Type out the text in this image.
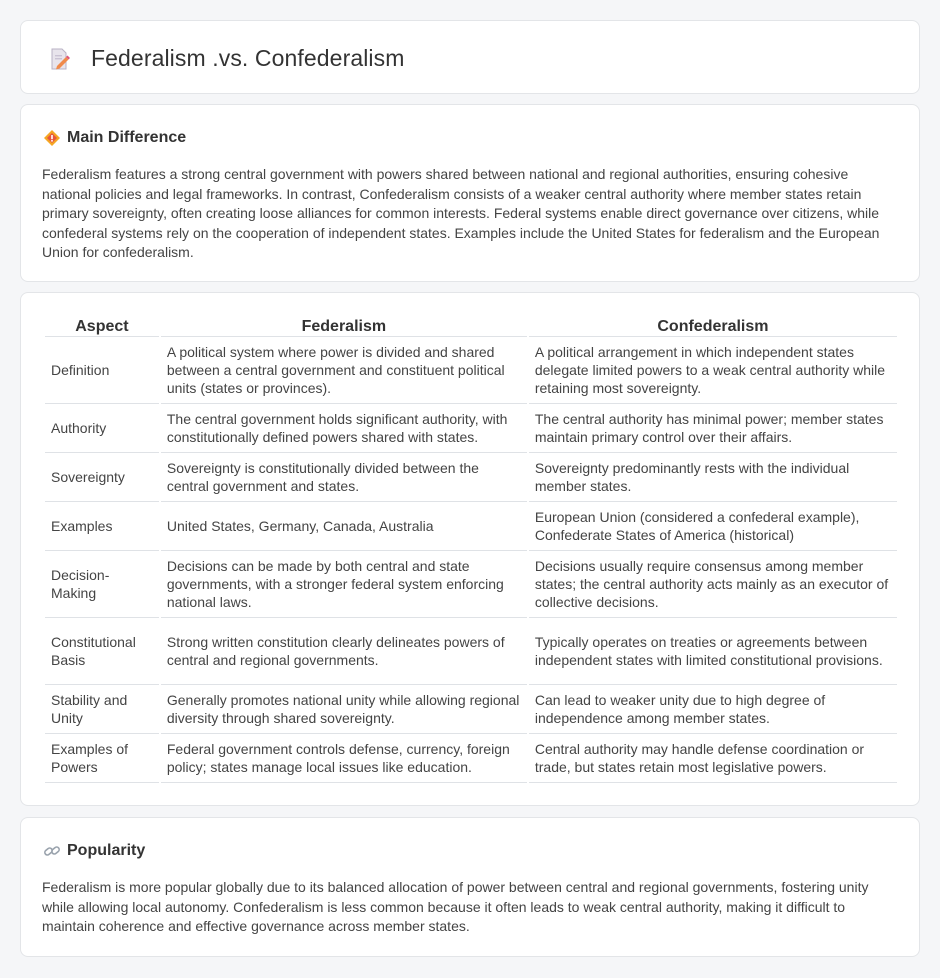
Federalism .vs. Confederalism
Main Difference

Federalism features a strong central government with powers shared between national and regional authorities, ensuring cohesive national policies and legal frameworks. In contrast, Confederalism consists of a weaker central authority where member states retain primary sovereignty, often creating loose alliances for common interests. Federal systems enable direct governance over citizens, while confederal systems rely on the cooperation of independent states. Examples include the United States for federalism and the European Union for confederalism.

Aspect	Federalism	Confederalism
Definition	A political system where power is divided and shared between a central government and constituent political units (states or provinces).	A political arrangement in which independent states delegate limited powers to a weak central authority while retaining most sovereignty.
Authority	The central government holds significant authority, with constitutionally defined powers shared with states.	The central authority has minimal power; member states maintain primary control over their affairs.
Sovereignty	Sovereignty is constitutionally divided between the central government and states.	Sovereignty predominantly rests with the individual member states.
Examples	United States, Germany, Canada, Australia	European Union (considered a confederal example), Confederate States of America (historical)
Decision-Making	Decisions can be made by both central and state governments, with a stronger federal system enforcing national laws.	Decisions usually require consensus among member states; the central authority acts mainly as an executor of collective decisions.
Constitutional Basis	Strong written constitution clearly delineates powers of central and regional governments.	Typically operates on treaties or agreements between independent states with limited constitutional provisions.
Stability and Unity	Generally promotes national unity while allowing regional diversity through shared sovereignty.	Can lead to weaker unity due to high degree of independence among member states.
Examples of Powers	Federal government controls defense, currency, foreign policy; states manage local issues like education.	Central authority may handle defense coordination or trade, but states retain most legislative powers.
Popularity

Federalism is more popular globally due to its balanced allocation of power between central and regional governments, fostering unity while allowing local autonomy. Confederalism is less common because it often leads to weak central authority, making it difficult to maintain coherence and effective governance across member states.
